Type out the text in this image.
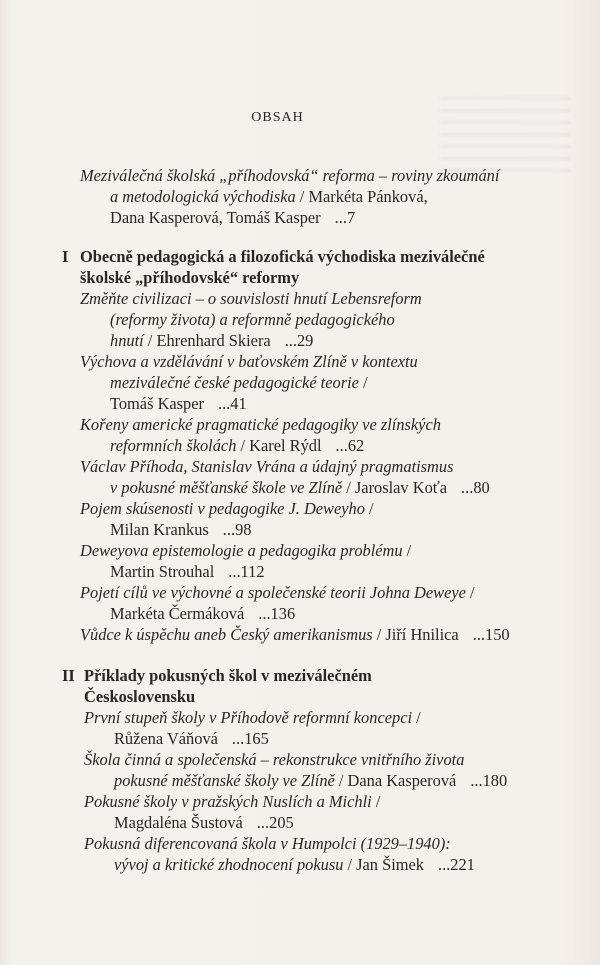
OBSAH
Meziválečná školská „příhodovská“ reforma – roviny zkoumání
a metodologická východiska / Markéta Pánková,
Dana Kasperová, Tomáš Kasper ...7
I Obecně pedagogická a filozofická východiska meziválečné
školské „příhodovské“ reformy
Změňte civilizaci – o souvislosti hnutí Lebensreform
(reformy života) a reformně pedagogického
hnutí / Ehrenhard Skiera ...29
Výchova a vzdělávání v baťovském Zlíně v kontextu
meziválečné české pedagogické teorie /
Tomáš Kasper ...41
Kořeny americké pragmatické pedagogiky ve zlínských
reformních školách / Karel Rýdl ...62
Václav Příhoda, Stanislav Vrána a údajný pragmatismus
v pokusné měšťanské škole ve Zlíně / Jaroslav Koťa ...80
Pojem skúsenosti v pedagogike J. Deweyho /
Milan Krankus ...98
Deweyova epistemologie a pedagogika problému /
Martin Strouhal ...112
Pojetí cílů ve výchovné a společenské teorii Johna Deweye /
Markéta Čermáková ...136
Vůdce k úspěchu aneb Český amerikanismus / Jiří Hnilica ...150
II Příklady pokusných škol v meziválečném
Československu
První stupeň školy v Příhodově reformní koncepci /
Růžena Váňová ...165
Škola činná a společenská – rekonstrukce vnitřního života
pokusné měšťanské školy ve Zlíně / Dana Kasperová ...180
Pokusné školy v pražských Nuslích a Michli /
Magdaléna Šustová ...205
Pokusná diferencovaná škola v Humpolci (1929–1940):
vývoj a kritické zhodnocení pokusu / Jan Šimek ...221
